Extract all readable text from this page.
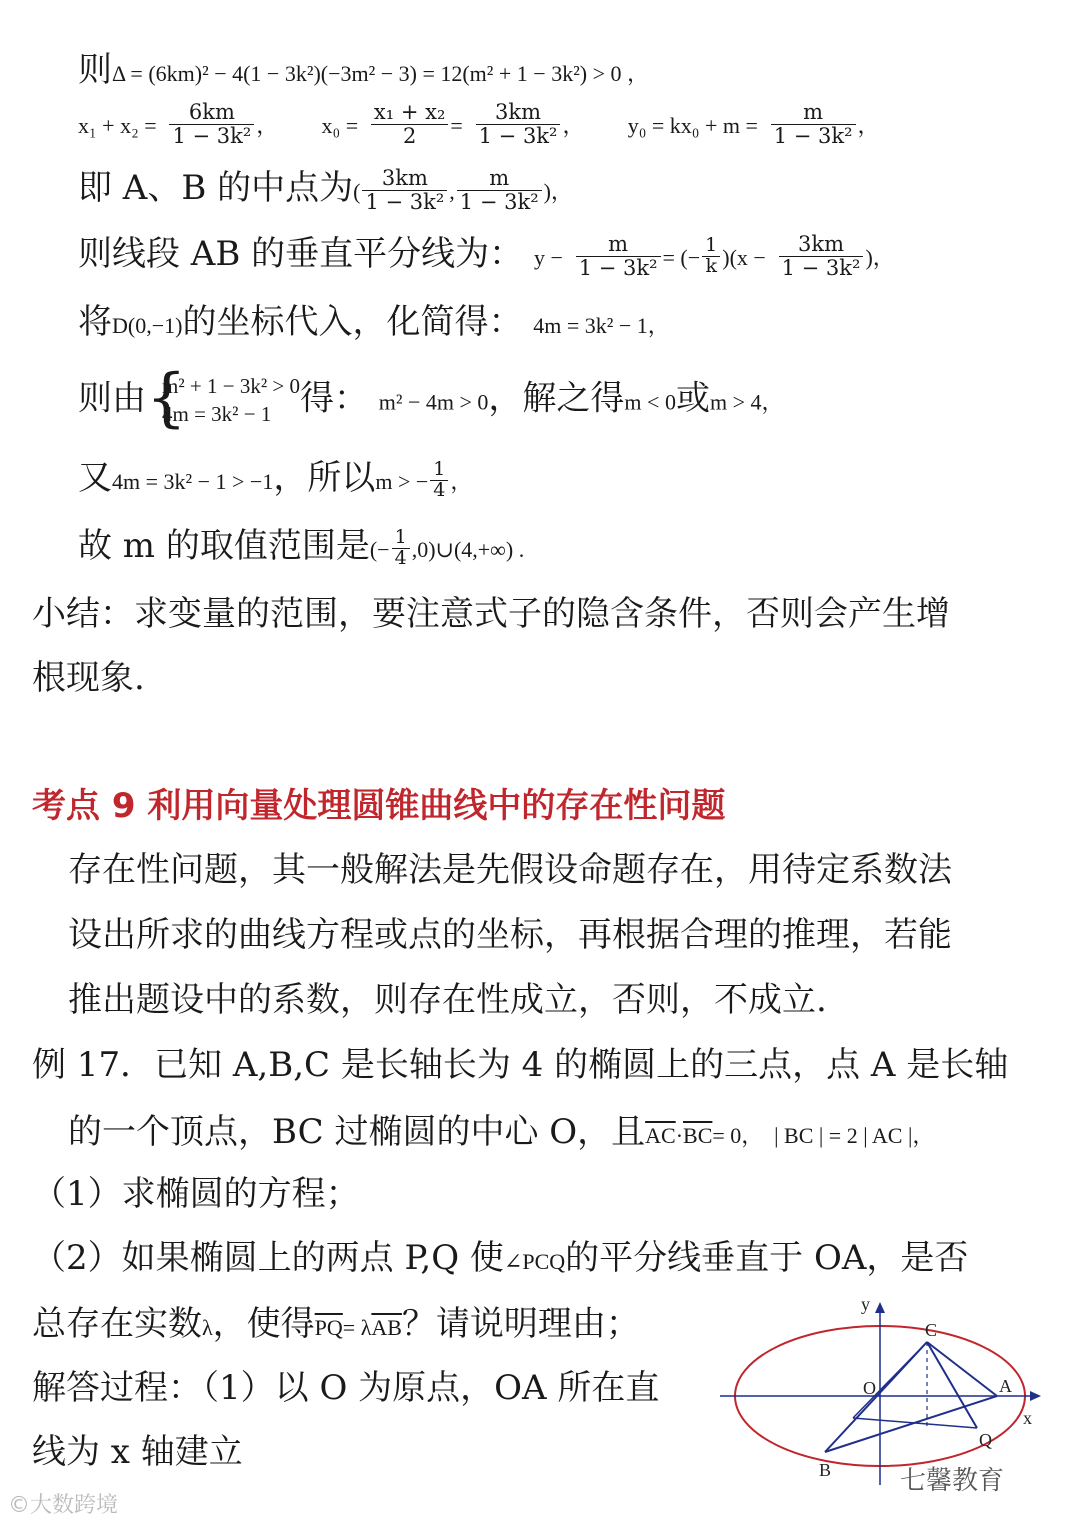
则Δ = (6km)² − 4(1 − 3k²)(−3m² − 3) = 12(m² + 1 − 3k²) > 0 ，
$x_1 + x_2 = \frac{6km}{\text{1 − 3k²}}$ ， $x_0 = \frac{\text{x₁ + x₂}}{2} = \frac{3km}{\text{1 − 3k²}}$ ， $y_0 = kx_0 + m = \frac{m}{\text{1 − 3k²}}$ ，
即 A、B 的中点为( $\frac{3km}{\text{1 − 3k²}}$ , $\frac{m}{\text{1 − 3k²}}$ )，
则线段 AB 的垂直平分线为： $y - \frac{m}{\text{1 − 3k²}}$ = (− $\frac{1}{k} )(x - \frac{3km}{\text{1 − 3k²}}$ )，
将D(0,−1)的坐标代入，化简得： 4m = 3k² − 1，
则由 {
m² + 1 − 3k² > 0
4m = 3k² − 1 得： m² − 4m > 0，解之得m < 0或m > 4，
又4m = 3k² − 1 > −1，所以m > − $\frac{1}{4}$ ，
故 m 的取值范围是(− $\frac{1}{4}$ ,0)∪(4,+∞) .
小结：求变量的范围，要注意式子的隐含条件，否则会产生增
根现象.
考点 9 利用向量处理圆锥曲线中的存在性问题
存在性问题，其一般解法是先假设命题存在，用待定系数法
设出所求的曲线方程或点的坐标，再根据合理的推理，若能
推出题设中的系数，则存在性成立，否则，不成立.
例 17．已知 A,B,C 是长轴长为 4 的椭圆上的三点，点 A 是长轴
的一个顶点，BC 过椭圆的中心 O，且$\overline{AC}\cdot\overline{BC}= 0$， | BC | = 2 | AC |，
（1）求椭圆的方程；
（2）如果椭圆上的两点 P,Q 使∠PCQ的平分线垂直于 OA，是否
总存在实数λ，使得$\overline{PQ}= \lambda\overline{AB}$？请说明理由；
解答过程：（1）以 O 为原点，OA 所在直
线为 x 轴建立
y
C
O	A
x
Q
B
©大数跨境
七馨教育
